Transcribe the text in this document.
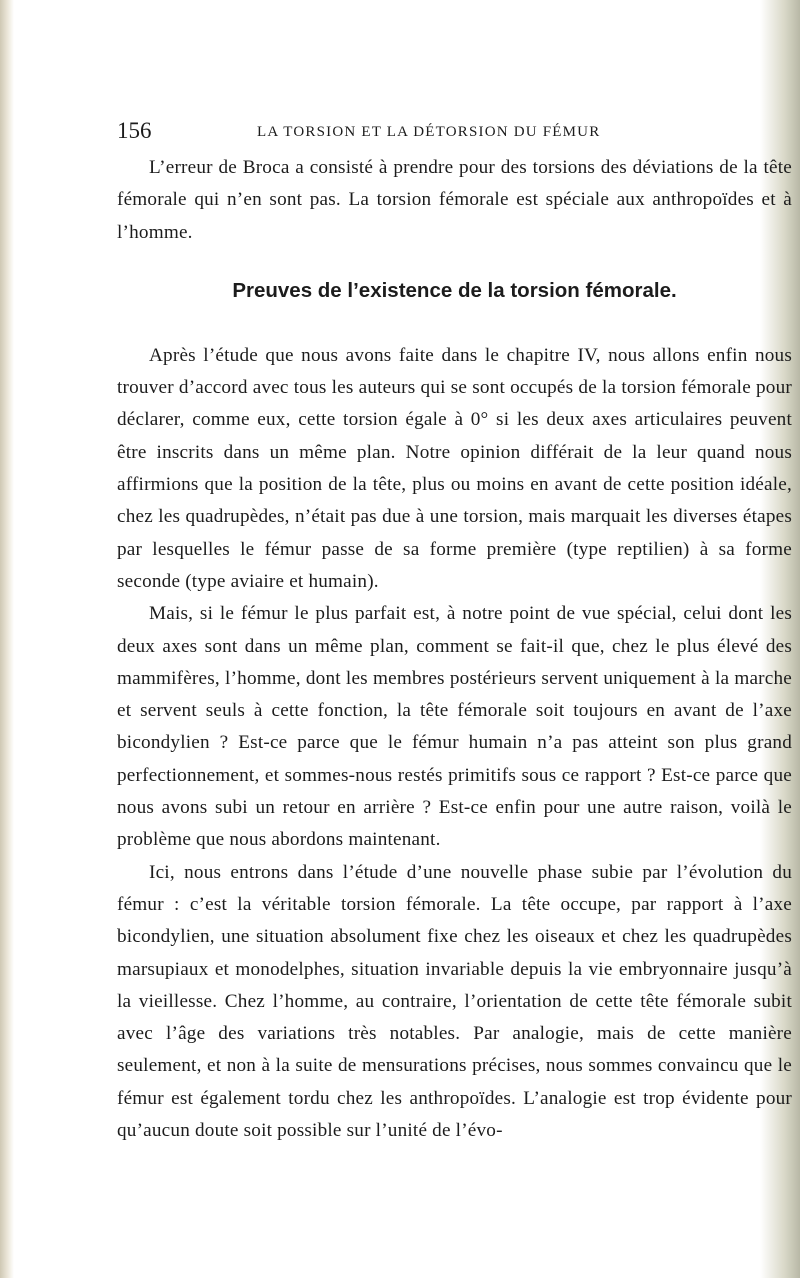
156	LA TORSION ET LA DÉTORSION DU FÉMUR

L’erreur de Broca a consisté à prendre pour des torsions des déviations de la tête fémorale qui n’en sont pas. La torsion fémorale est spéciale aux anthropoïdes et à l’homme.

Preuves de l’existence de la torsion fémorale.

Après l’étude que nous avons faite dans le chapitre IV, nous allons enfin nous trouver d’accord avec tous les auteurs qui se sont occupés de la torsion fémorale pour déclarer, comme eux, cette torsion égale à 0° si les deux axes articulaires peuvent être inscrits dans un même plan. Notre opinion différait de la leur quand nous affirmions que la position de la tête, plus ou moins en avant de cette position idéale, chez les quadrupèdes, n’était pas due à une torsion, mais marquait les diverses étapes par lesquelles le fémur passe de sa forme première (type reptilien) à sa forme seconde (type aviaire et humain).

Mais, si le fémur le plus parfait est, à notre point de vue spécial, celui dont les deux axes sont dans un même plan, comment se fait-il que, chez le plus élevé des mammifères, l’homme, dont les membres postérieurs servent uniquement à la marche et servent seuls à cette fonction, la tête fémorale soit toujours en avant de l’axe bicondylien ? Est-ce parce que le fémur humain n’a pas atteint son plus grand perfectionnement, et sommes-nous restés primitifs sous ce rapport ? Est-ce parce que nous avons subi un retour en arrière ? Est-ce enfin pour une autre raison, voilà le problème que nous abordons maintenant.

Ici, nous entrons dans l’étude d’une nouvelle phase subie par l’évolution du fémur : c’est la véritable torsion fémorale. La tête occupe, par rapport à l’axe bicondylien, une situation absolument fixe chez les oiseaux et chez les quadrupèdes marsupiaux et monodelphes, situation invariable depuis la vie embryonnaire jusqu’à la vieillesse. Chez l’homme, au contraire, l’orientation de cette tête fémorale subit avec l’âge des variations très notables. Par analogie, mais de cette manière seulement, et non à la suite de mensurations précises, nous sommes convaincu que le fémur est également tordu chez les anthropoïdes. L’analogie est trop évidente pour qu’aucun doute soit possible sur l’unité de l’évo-
